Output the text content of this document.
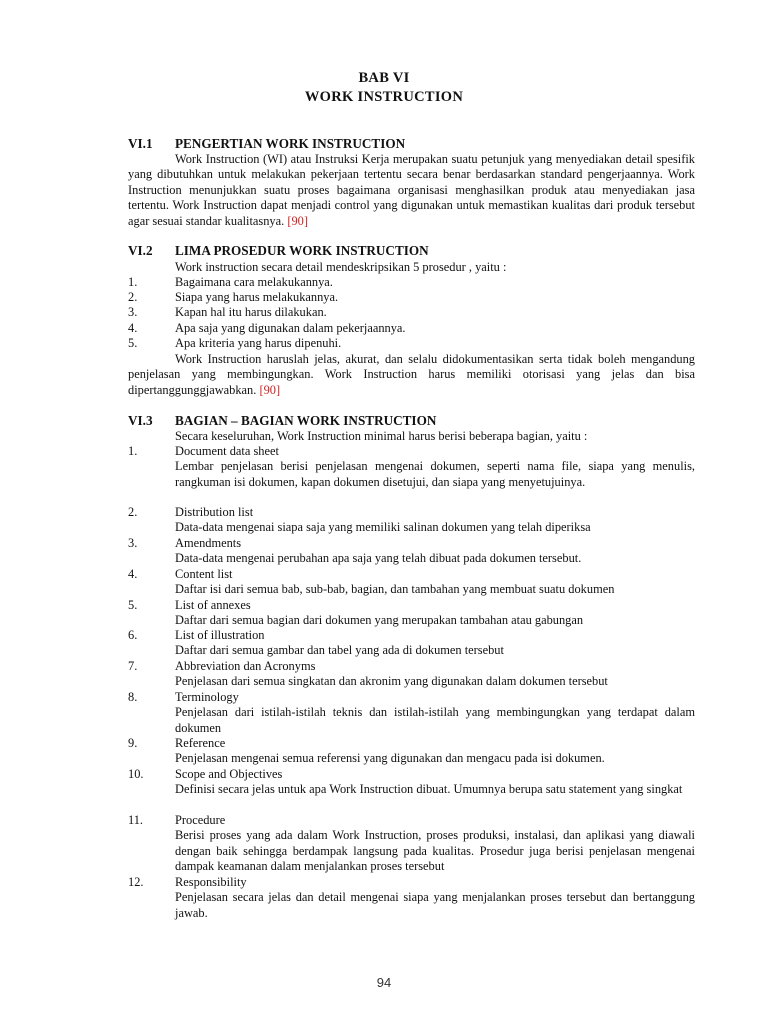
BAB VI
WORK INSTRUCTION
VI.1 PENGERTIAN WORK INSTRUCTION

Work Instruction (WI) atau Instruksi Kerja merupakan suatu petunjuk yang menyediakan detail spesifik yang dibutuhkan untuk melakukan pekerjaan tertentu secara benar berdasarkan standard pengerjaannya. Work Instruction menunjukkan suatu proses bagaimana organisasi menghasilkan produk atau menyediakan jasa tertentu. Work Instruction dapat menjadi control yang digunakan untuk memastikan kualitas dari produk tersebut agar sesuai standar kualitasnya. [90]

VI.2 LIMA PROSEDUR WORK INSTRUCTION
Work instruction secara detail mendeskripsikan 5 prosedur , yaitu :
1.	Bagaimana cara melakukannya.
2.	Siapa yang harus melakukannya.
3.	Kapan hal itu harus dilakukan.
4.	Apa saja yang digunakan dalam pekerjaannya.
5.	Apa kriteria yang harus dipenuhi.

Work Instruction haruslah jelas, akurat, dan selalu didokumentasikan serta tidak boleh mengandung penjelasan yang membingungkan. Work Instruction harus memiliki otorisasi yang jelas dan bisa dipertanggunggjawabkan. [90]

VI.3 BAGIAN – BAGIAN WORK INSTRUCTION
Secara keseluruhan, Work Instruction minimal harus berisi beberapa bagian, yaitu :
1.	Document data sheet
Lembar penjelasan berisi penjelasan mengenai dokumen, seperti nama file, siapa yang menulis, rangkuman isi dokumen, kapan dokumen disetujui, dan siapa yang menyetujuinya.
2.	Distribution list
Data-data mengenai siapa saja yang memiliki salinan dokumen yang telah diperiksa
3.	Amendments
Data-data mengenai perubahan apa saja yang telah dibuat pada dokumen tersebut.
4.	Content list
Daftar isi dari semua bab, sub-bab, bagian, dan tambahan yang membuat suatu dokumen
5.	List of annexes
Daftar dari semua bagian dari dokumen yang merupakan tambahan atau gabungan
6.	List of illustration
Daftar dari semua gambar dan tabel yang ada di dokumen tersebut
7.	Abbreviation dan Acronyms
Penjelasan dari semua singkatan dan akronim yang digunakan dalam dokumen tersebut
8.	Terminology
Penjelasan dari istilah-istilah teknis dan istilah-istilah yang membingungkan yang terdapat dalam dokumen
9.	Reference
Penjelasan mengenai semua referensi yang digunakan dan mengacu pada isi dokumen.
10.	Scope and Objectives
Definisi secara jelas untuk apa Work Instruction dibuat. Umumnya berupa satu statement yang singkat
11.	Procedure
Berisi proses yang ada dalam Work Instruction, proses produksi, instalasi, dan aplikasi yang diawali dengan baik sehingga berdampak langsung pada kualitas. Prosedur juga berisi penjelasan mengenai dampak keamanan dalam menjalankan proses tersebut
12.	Responsibility
Penjelasan secara jelas dan detail mengenai siapa yang menjalankan proses tersebut dan bertanggung jawab.
94
